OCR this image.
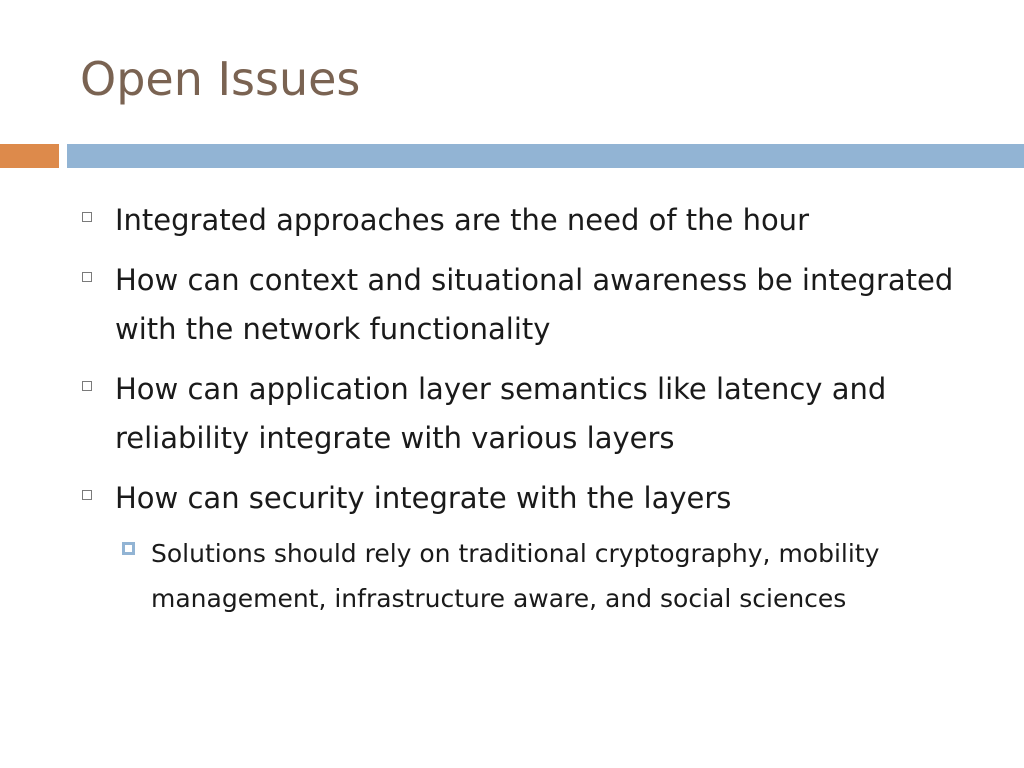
Open Issues
Integrated approaches are the need of the hour
How can context and situational awareness be integrated with the network functionality
How can application layer semantics like latency and reliability integrate with various layers
How can security integrate with the layers
Solutions should rely on traditional cryptography, mobility management, infrastructure aware, and social sciences
